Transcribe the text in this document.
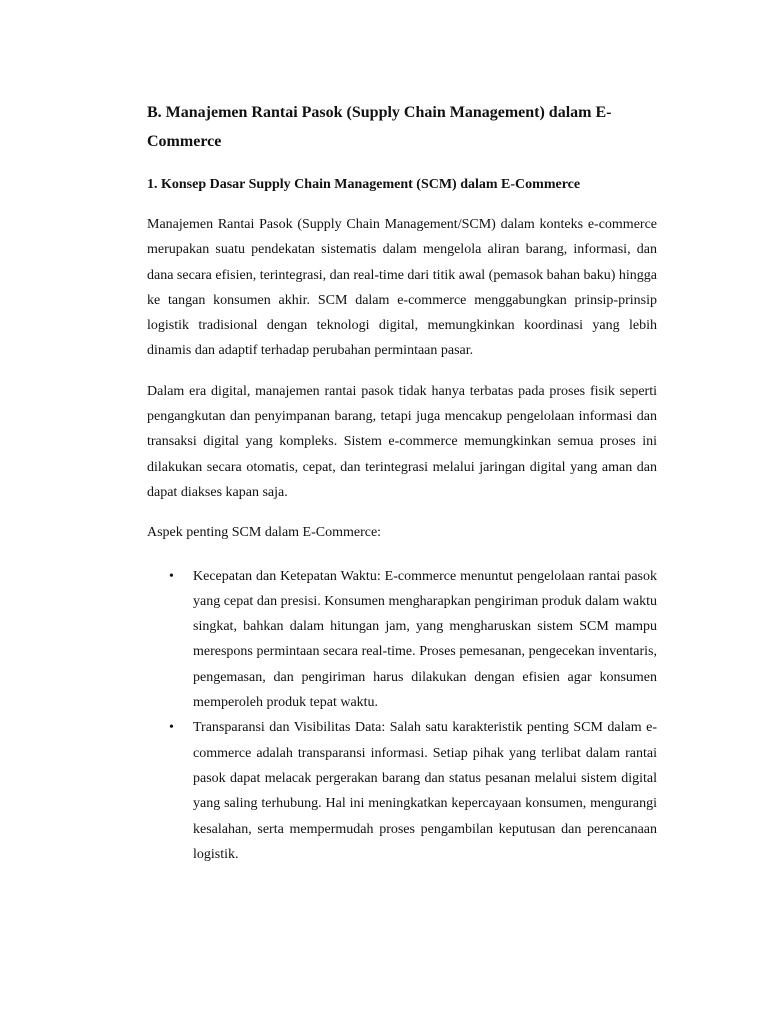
B. Manajemen Rantai Pasok (Supply Chain Management) dalam E-Commerce
1. Konsep Dasar Supply Chain Management (SCM) dalam E-Commerce

Manajemen Rantai Pasok (Supply Chain Management/SCM) dalam konteks e-commerce merupakan suatu pendekatan sistematis dalam mengelola aliran barang, informasi, dan dana secara efisien, terintegrasi, dan real-time dari titik awal (pemasok bahan baku) hingga ke tangan konsumen akhir. SCM dalam e-commerce menggabungkan prinsip-prinsip logistik tradisional dengan teknologi digital, memungkinkan koordinasi yang lebih dinamis dan adaptif terhadap perubahan permintaan pasar.

Dalam era digital, manajemen rantai pasok tidak hanya terbatas pada proses fisik seperti pengangkutan dan penyimpanan barang, tetapi juga mencakup pengelolaan informasi dan transaksi digital yang kompleks. Sistem e-commerce memungkinkan semua proses ini dilakukan secara otomatis, cepat, dan terintegrasi melalui jaringan digital yang aman dan dapat diakses kapan saja.

Aspek penting SCM dalam E-Commerce:

• Kecepatan dan Ketepatan Waktu: E-commerce menuntut pengelolaan rantai pasok yang cepat dan presisi. Konsumen mengharapkan pengiriman produk dalam waktu singkat, bahkan dalam hitungan jam, yang mengharuskan sistem SCM mampu merespons permintaan secara real-time. Proses pemesanan, pengecekan inventaris, pengemasan, dan pengiriman harus dilakukan dengan efisien agar konsumen memperoleh produk tepat waktu.
• Transparansi dan Visibilitas Data: Salah satu karakteristik penting SCM dalam e-commerce adalah transparansi informasi. Setiap pihak yang terlibat dalam rantai pasok dapat melacak pergerakan barang dan status pesanan melalui sistem digital yang saling terhubung. Hal ini meningkatkan kepercayaan konsumen, mengurangi kesalahan, serta mempermudah proses pengambilan keputusan dan perencanaan logistik.
